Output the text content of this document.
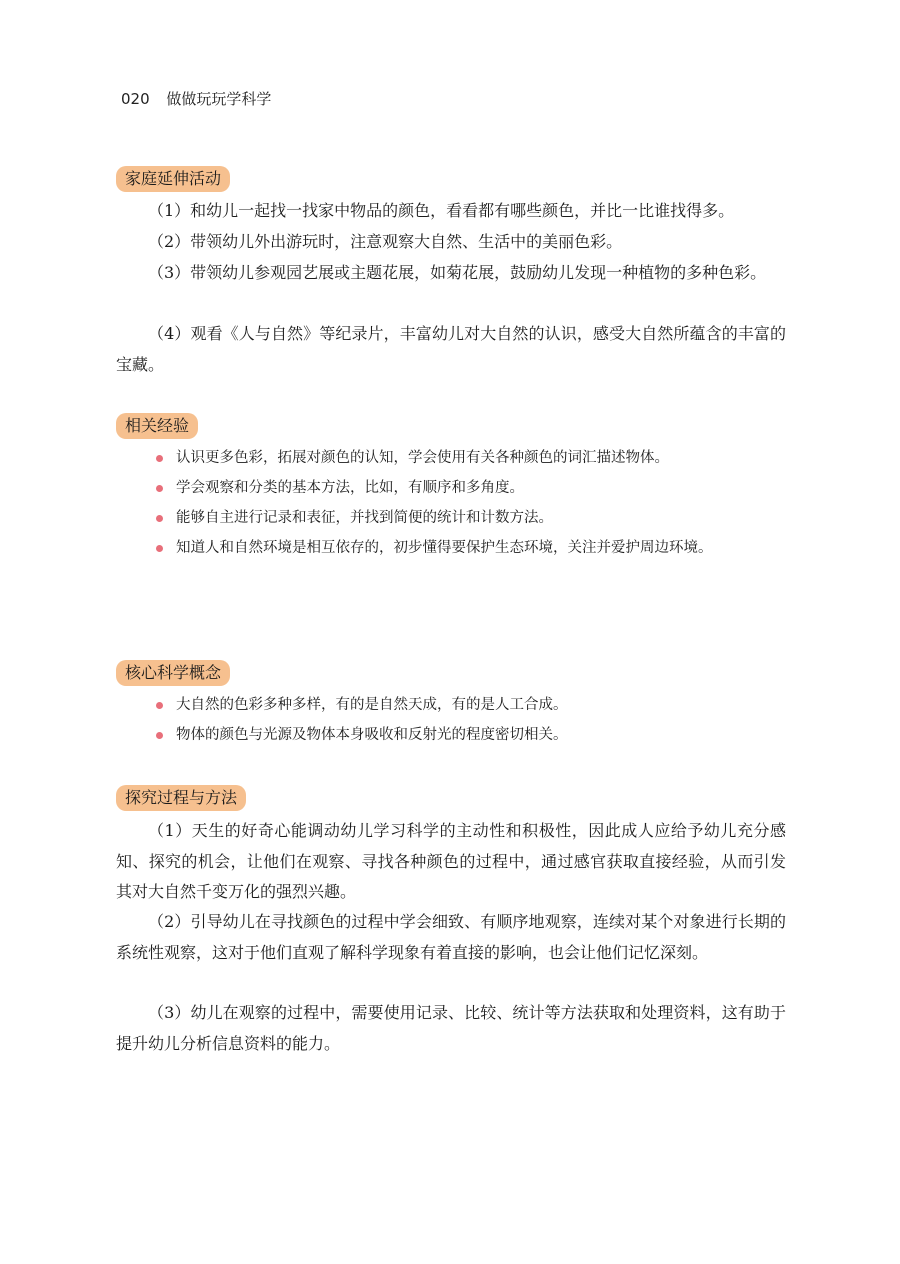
020 做做玩玩学科学
家庭延伸活动

（1）和幼儿一起找一找家中物品的颜色，看看都有哪些颜色，并比一比谁找得多。

（2）带领幼儿外出游玩时，注意观察大自然、生活中的美丽色彩。

（3）带领幼儿参观园艺展或主题花展，如菊花展，鼓励幼儿发现一种植物的多种色彩。

（4）观看《人与自然》等纪录片，丰富幼儿对大自然的认识，感受大自然所蕴含的丰富的宝藏。

相关经验
认识更多色彩，拓展对颜色的认知，学会使用有关各种颜色的词汇描述物体。
学会观察和分类的基本方法，比如，有顺序和多角度。
能够自主进行记录和表征，并找到简便的统计和计数方法。
知道人和自然环境是相互依存的，初步懂得要保护生态环境，关注并爱护周边环境。
核心科学概念
大自然的色彩多种多样，有的是自然天成，有的是人工合成。
物体的颜色与光源及物体本身吸收和反射光的程度密切相关。
探究过程与方法

（1）天生的好奇心能调动幼儿学习科学的主动性和积极性，因此成人应给予幼儿充分感知、探究的机会，让他们在观察、寻找各种颜色的过程中，通过感官获取直接经验，从而引发其对大自然千变万化的强烈兴趣。

（2）引导幼儿在寻找颜色的过程中学会细致、有顺序地观察，连续对某个对象进行长期的系统性观察，这对于他们直观了解科学现象有着直接的影响，也会让他们记忆深刻。

（3）幼儿在观察的过程中，需要使用记录、比较、统计等方法获取和处理资料，这有助于提升幼儿分析信息资料的能力。
